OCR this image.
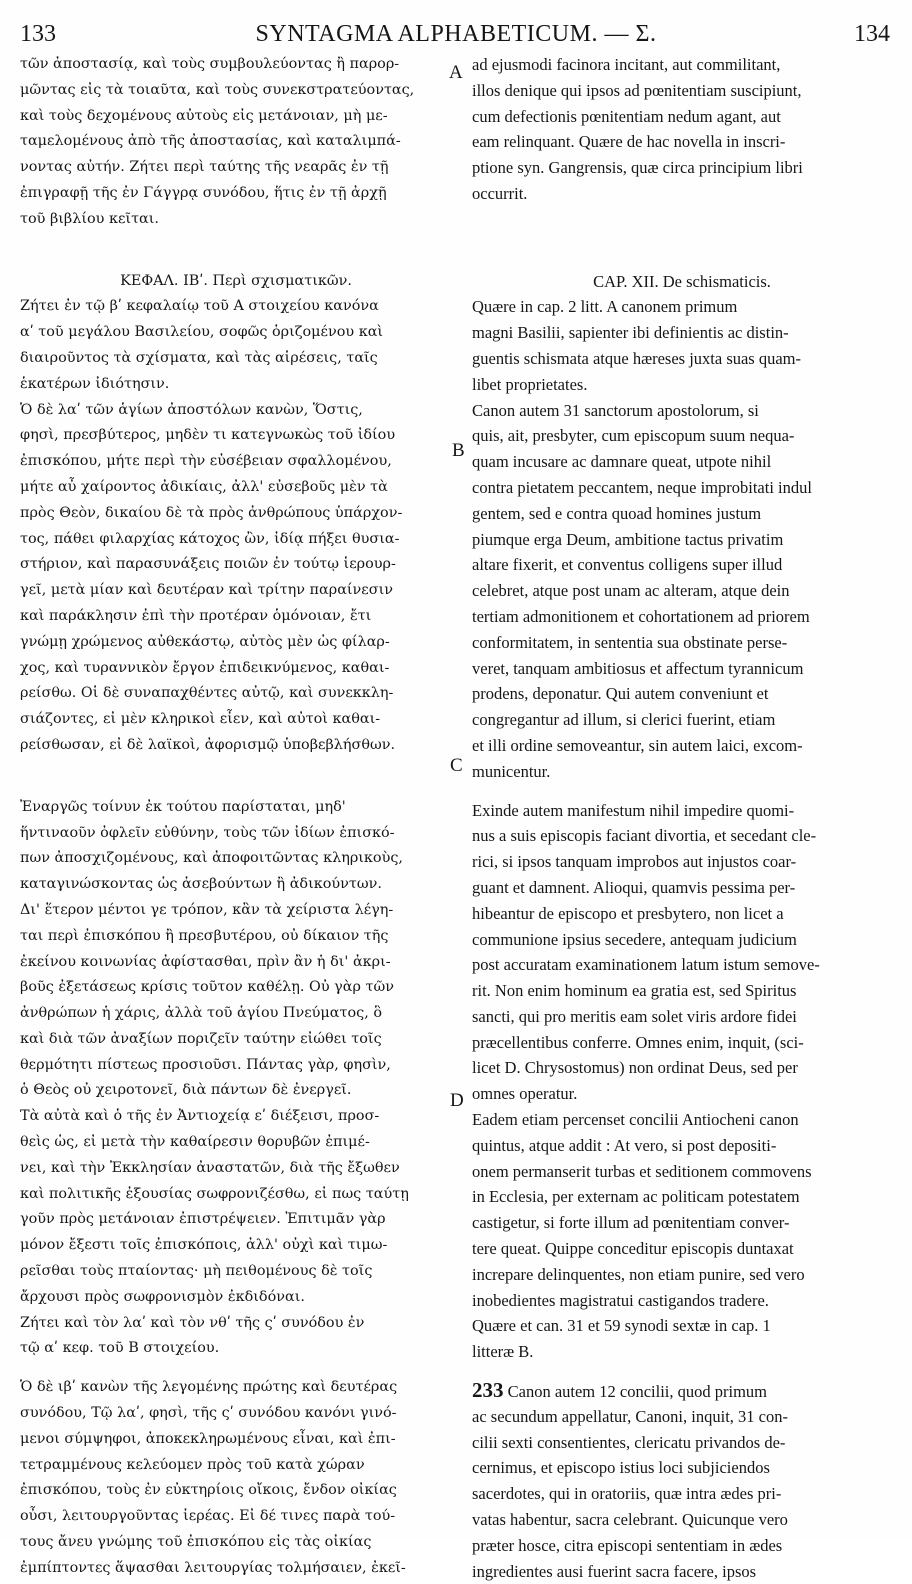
133	SYNTAGMA ALPHABETICUM. — Σ.	134
A
B
C
D
τῶν ἀποστασίᾳ, καὶ τοὺς συμβουλεύοντας ἢ παρορ-
μῶντας εἰς τὰ τοιαῦτα, καὶ τοὺς συνεκστρατεύοντας,
καὶ τοὺς δεχομένους αὐτοὺς εἰς μετάνοιαν, μὴ με-
ταμελομένους ἀπὸ τῆς ἀποστασίας, καὶ καταλιμπά-
νοντας αὐτήν. Ζήτει περὶ ταύτης τῆς νεαρᾶς ἐν τῇ
ἐπιγραφῇ τῆς ἐν Γάγγρᾳ συνόδου, ἥτις ἐν τῇ ἀρχῇ
τοῦ βιβλίου κεῖται.
ΚΕΦΑΛ. ΙΒʹ. Περὶ σχισματικῶν.
Ζήτει ἐν τῷ βʹ κεφαλαίῳ τοῦ Α στοιχείου κανόνα
αʹ τοῦ μεγάλου Βασιλείου, σοφῶς ὁριζομένου καὶ
διαιροῦντος τὰ σχίσματα, καὶ τὰς αἱρέσεις, ταῖς
ἑκατέρων ἰδιότησιν.
Ὁ δὲ λαʹ τῶν ἁγίων ἀποστόλων κανὼν, Ὅστις,
φησὶ, πρεσβύτερος, μηδὲν τι κατεγνωκὼς τοῦ ἰδίου
ἐπισκόπου, μήτε περὶ τὴν εὐσέβειαν σφαλλομένου,
μήτε αὖ χαίροντος ἀδικίαις, ἀλλ' εὐσεβοῦς μὲν τὰ
πρὸς Θεὸν, δικαίου δὲ τὰ πρὸς ἀνθρώπους ὑπάρχον-
τος, πάθει φιλαρχίας κάτοχος ὢν, ἰδίᾳ πήξει θυσια-
στήριον, καὶ παρασυνάξεις ποιῶν ἐν τούτῳ ἱερουρ-
γεῖ, μετὰ μίαν καὶ δευτέραν καὶ τρίτην παραίνεσιν
καὶ παράκλησιν ἐπὶ τὴν προτέραν ὁμόνοιαν, ἔτι
γνώμῃ χρώμενος αὐθεκάστῳ, αὐτὸς μὲν ὡς φίλαρ-
χος, καὶ τυραννικὸν ἔργον ἐπιδεικνύμενος, καθαι-
ρείσθω. Οἱ δὲ συναπαχθέντες αὐτῷ, καὶ συνεκκλη-
σιάζοντες, εἰ μὲν κληρικοὶ εἶεν, καὶ αὐτοὶ καθαι-
ρείσθωσαν, εἰ δὲ λαϊκοὶ, ἀφορισμῷ ὑποβεβλήσθων.
Ἐναργῶς τοίνυν ἐκ τούτου παρίσταται, μηδ'
ἥντιναοῦν ὀφλεῖν εὐθύνην, τοὺς τῶν ἰδίων ἐπισκό-
πων ἀποσχιζομένους, καὶ ἀποφοιτῶντας κληρικοὺς,
καταγινώσκοντας ὡς ἀσεβούντων ἢ ἀδικούντων.
Δι' ἕτερον μέντοι γε τρόπον, κἂν τὰ χείριστα λέγη-
ται περὶ ἐπισκόπου ἢ πρεσβυτέρου, οὐ δίκαιον τῆς
ἐκείνου κοινωνίας ἀφίστασθαι, πρὶν ἂν ἡ δι' ἀκρι-
βοῦς ἐξετάσεως κρίσις τοῦτον καθέλῃ. Οὐ γὰρ τῶν
ἀνθρώπων ἡ χάρις, ἀλλὰ τοῦ ἁγίου Πνεύματος, ὃ
καὶ διὰ τῶν ἀναξίων ποριζεῖν ταύτην εἰώθει τοῖς
θερμότητι πίστεως προσιοῦσι. Πάντας γὰρ, φησὶν,
ὁ Θεὸς οὐ χειροτονεῖ, διὰ πάντων δὲ ἐνεργεῖ.
Τὰ αὐτὰ καὶ ὁ τῆς ἐν Ἀντιοχείᾳ εʹ διέξεισι, προσ-
θεὶς ὡς, εἰ μετὰ τὴν καθαίρεσιν θορυβῶν ἐπιμέ-
νει, καὶ τὴν Ἐκκλησίαν ἀναστατῶν, διὰ τῆς ἔξωθεν
καὶ πολιτικῆς ἐξουσίας σωφρονιζέσθω, εἰ πως ταύτῃ
γοῦν πρὸς μετάνοιαν ἐπιστρέψειεν. Ἐπιτιμᾶν γὰρ
μόνον ἔξεστι τοῖς ἐπισκόποις, ἀλλ' οὐχὶ καὶ τιμω-
ρεῖσθαι τοὺς πταίοντας· μὴ πειθομένους δὲ τοῖς
ἄρχουσι πρὸς σωφρονισμὸν ἐκδιδόναι.
Ζήτει καὶ τὸν λαʹ καὶ τὸν νθʹ τῆς ςʹ συνόδου ἐν
τῷ αʹ κεφ. τοῦ Β στοιχείου.
Ὁ δὲ ιβʹ κανὼν τῆς λεγομένης πρώτης καὶ δευτέρας
συνόδου, Τῷ λαʹ, φησὶ, τῆς ςʹ συνόδου κανόνι γινό-
μενοι σύμψηφοι, ἀποκεκληρωμένους εἶναι, καὶ ἐπι-
τετραμμένους κελεύομεν πρὸς τοῦ κατὰ χώραν
ἐπισκόπου, τοὺς ἐν εὐκτηρίοις οἴκοις, ἔνδον οἰκίας
οὖσι, λειτουργοῦντας ἱερέας. Εἰ δέ τινες παρὰ τού-
τους ἄνευ γνώμης τοῦ ἐπισκόπου εἰς τὰς οἰκίας
ἐμπίπτοντες ἅψασθαι λειτουργίας τολμήσαιεν, ἐκεῖ-
ad ejusmodi facinora incitant, aut commilitant,
illos denique qui ipsos ad pœnitentiam suscipiunt,
cum defectionis pœnitentiam nedum agant, aut
eam relinquant. Quære de hac novella in inscri-
ptione syn. Gangrensis, quæ circa principium libri
occurrit.
CAP. XII. De schismaticis.
Quære in cap. 2 litt. A canonem primum
magni Basilii, sapienter ibi definientis ac distin-
guentis schismata atque hæreses juxta suas quam-
libet proprietates.
Canon autem 31 sanctorum apostolorum, si
quis, ait, presbyter, cum episcopum suum nequa-
quam incusare ac damnare queat, utpote nihil
contra pietatem peccantem, neque improbitati indul
gentem, sed e contra quoad homines justum
piumque erga Deum, ambitione tactus privatim
altare fixerit, et conventus colligens super illud
celebret, atque post unam ac alteram, atque dein
tertiam admonitionem et cohortationem ad priorem
conformitatem, in sententia sua obstinate perse-
veret, tanquam ambitiosus et affectum tyrannicum
prodens, deponatur. Qui autem conveniunt et
congregantur ad illum, si clerici fuerint, etiam
et illi ordine semoveantur, sin autem laici, excom-
municentur.
Exinde autem manifestum nihil impedire quomi-
nus a suis episcopis faciant divortia, et secedant cle-
rici, si ipsos tanquam improbos aut injustos coar-
guant et damnent. Alioqui, quamvis pessima per-
hibeantur de episcopo et presbytero, non licet a
communione ipsius secedere, antequam judicium
post accuratam examinationem latum istum semove-
rit. Non enim hominum ea gratia est, sed Spiritus
sancti, qui pro meritis eam solet viris ardore fidei
præcellentibus conferre. Omnes enim, inquit, (sci-
licet D. Chrysostomus) non ordinat Deus, sed per
omnes operatur.
Eadem etiam percenset concilii Antiocheni canon
quintus, atque addit : At vero, si post depositi-
onem permanserit turbas et seditionem commovens
in Ecclesia, per externam ac politicam potestatem
castigetur, si forte illum ad pœnitentiam conver-
tere queat. Quippe conceditur episcopis duntaxat
increpare delinquentes, non etiam punire, sed vero
inobedientes magistratui castigandos tradere.
Quære et can. 31 et 59 synodi sextæ in cap. 1
litteræ B.
233 Canon autem 12 concilii, quod primum
ac secundum appellatur, Canoni, inquit, 31 con-
cilii sexti consentientes, clericatu privandos de-
cernimus, et episcopo istius loci subjiciendos
sacerdotes, qui in oratoriis, quæ intra ædes pri-
vatas habentur, sacra celebrant. Quicunque vero
præter hosce, citra episcopi sententiam in ædes
ingredientes ausi fuerint sacra facere, ipsos
